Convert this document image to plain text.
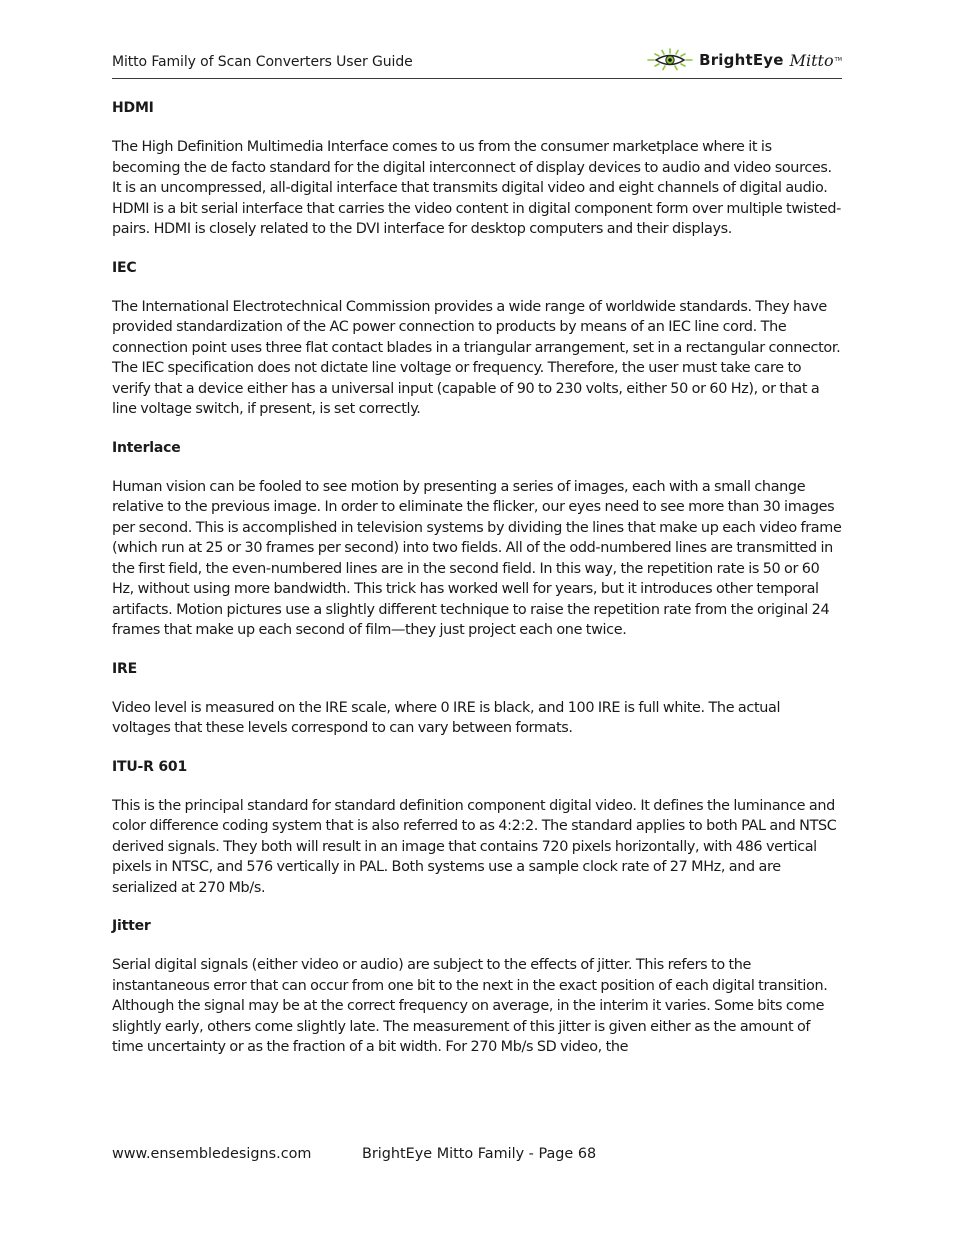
Mitto Family of Scan Converters User Guide	BrightEye Mitto TM
HDMI
The High Definition Multimedia Interface comes to us from the consumer marketplace where it is becoming the de facto standard for the digital interconnect of display devices to audio and video sources. It is an uncompressed, all-digital interface that transmits digital video and eight channels of digital audio. HDMI is a bit serial interface that carries the video content in digital component form over multiple twisted-pairs. HDMI is closely related to the DVI interface for desktop computers and their displays.
IEC
The International Electrotechnical Commission provides a wide range of worldwide standards. They have provided standardization of the AC power connection to products by means of an IEC line cord. The connection point uses three flat contact blades in a triangular arrangement, set in a rectangular connector. The IEC specification does not dictate line voltage or frequency. Therefore, the user must take care to verify that a device either has a universal input (capable of 90 to 230 volts, either 50 or 60 Hz), or that a line voltage switch, if present, is set correctly.
Interlace
Human vision can be fooled to see motion by presenting a series of images, each with a small change relative to the previous image. In order to eliminate the flicker, our eyes need to see more than 30 images per second. This is accomplished in television systems by dividing the lines that make up each video frame (which run at 25 or 30 frames per second) into two fields. All of the odd-numbered lines are transmitted in the first field, the even-numbered lines are in the second field. In this way, the repetition rate is 50 or 60 Hz, without using more bandwidth. This trick has worked well for years, but it introduces other temporal artifacts. Motion pictures use a slightly different technique to raise the repetition rate from the original 24 frames that make up each second of film—they just project each one twice.
IRE
Video level is measured on the IRE scale, where 0 IRE is black, and 100 IRE is full white. The actual voltages that these levels correspond to can vary between formats.
ITU-R 601
This is the principal standard for standard definition component digital video. It defines the luminance and color difference coding system that is also referred to as 4:2:2. The standard applies to both PAL and NTSC derived signals. They both will result in an image that contains 720 pixels horizontally, with 486 vertical pixels in NTSC, and 576 vertically in PAL. Both systems use a sample clock rate of 27 MHz, and are serialized at 270 Mb/s.
Jitter
Serial digital signals (either video or audio) are subject to the effects of jitter. This refers to the instantaneous error that can occur from one bit to the next in the exact position of each digital transition. Although the signal may be at the correct frequency on average, in the interim it varies. Some bits come slightly early, others come slightly late. The measurement of this jitter is given either as the amount of time uncertainty or as the fraction of a bit width. For 270 Mb/s SD video, the
www.ensembledesigns.com	BrightEye Mitto Family - Page 68
